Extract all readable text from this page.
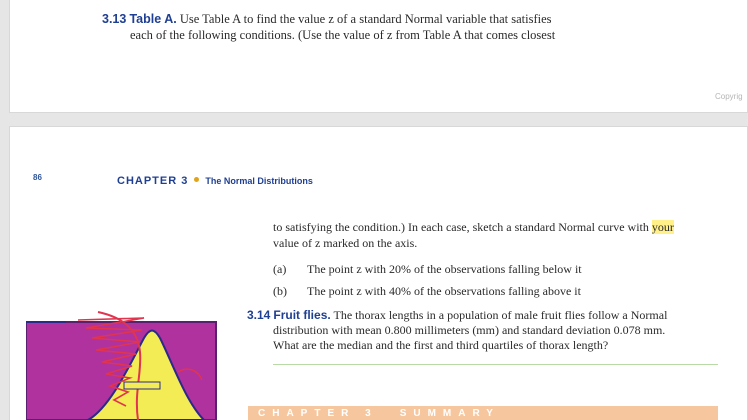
3.13 Table A. Use Table A to find the value z of a standard Normal variable that satisfies
each of the following conditions. (Use the value of z from Table A that comes closest
Copyrig
86	CHAPTER 3 The Normal Distributions
to satisfying the condition.) In each case, sketch a standard Normal curve with your
value of z marked on the axis.
(a) The point z with 20% of the observations falling below it
(b) The point z with 40% of the observations falling above it
3.14 Fruit flies. The thorax lengths in a population of male fruit flies follow a Normal
distribution with mean 0.800 millimeters (mm) and standard deviation 0.078 mm.
What are the median and the first and third quartiles of thorax length?
CHAPTER 3 SUMMARY
